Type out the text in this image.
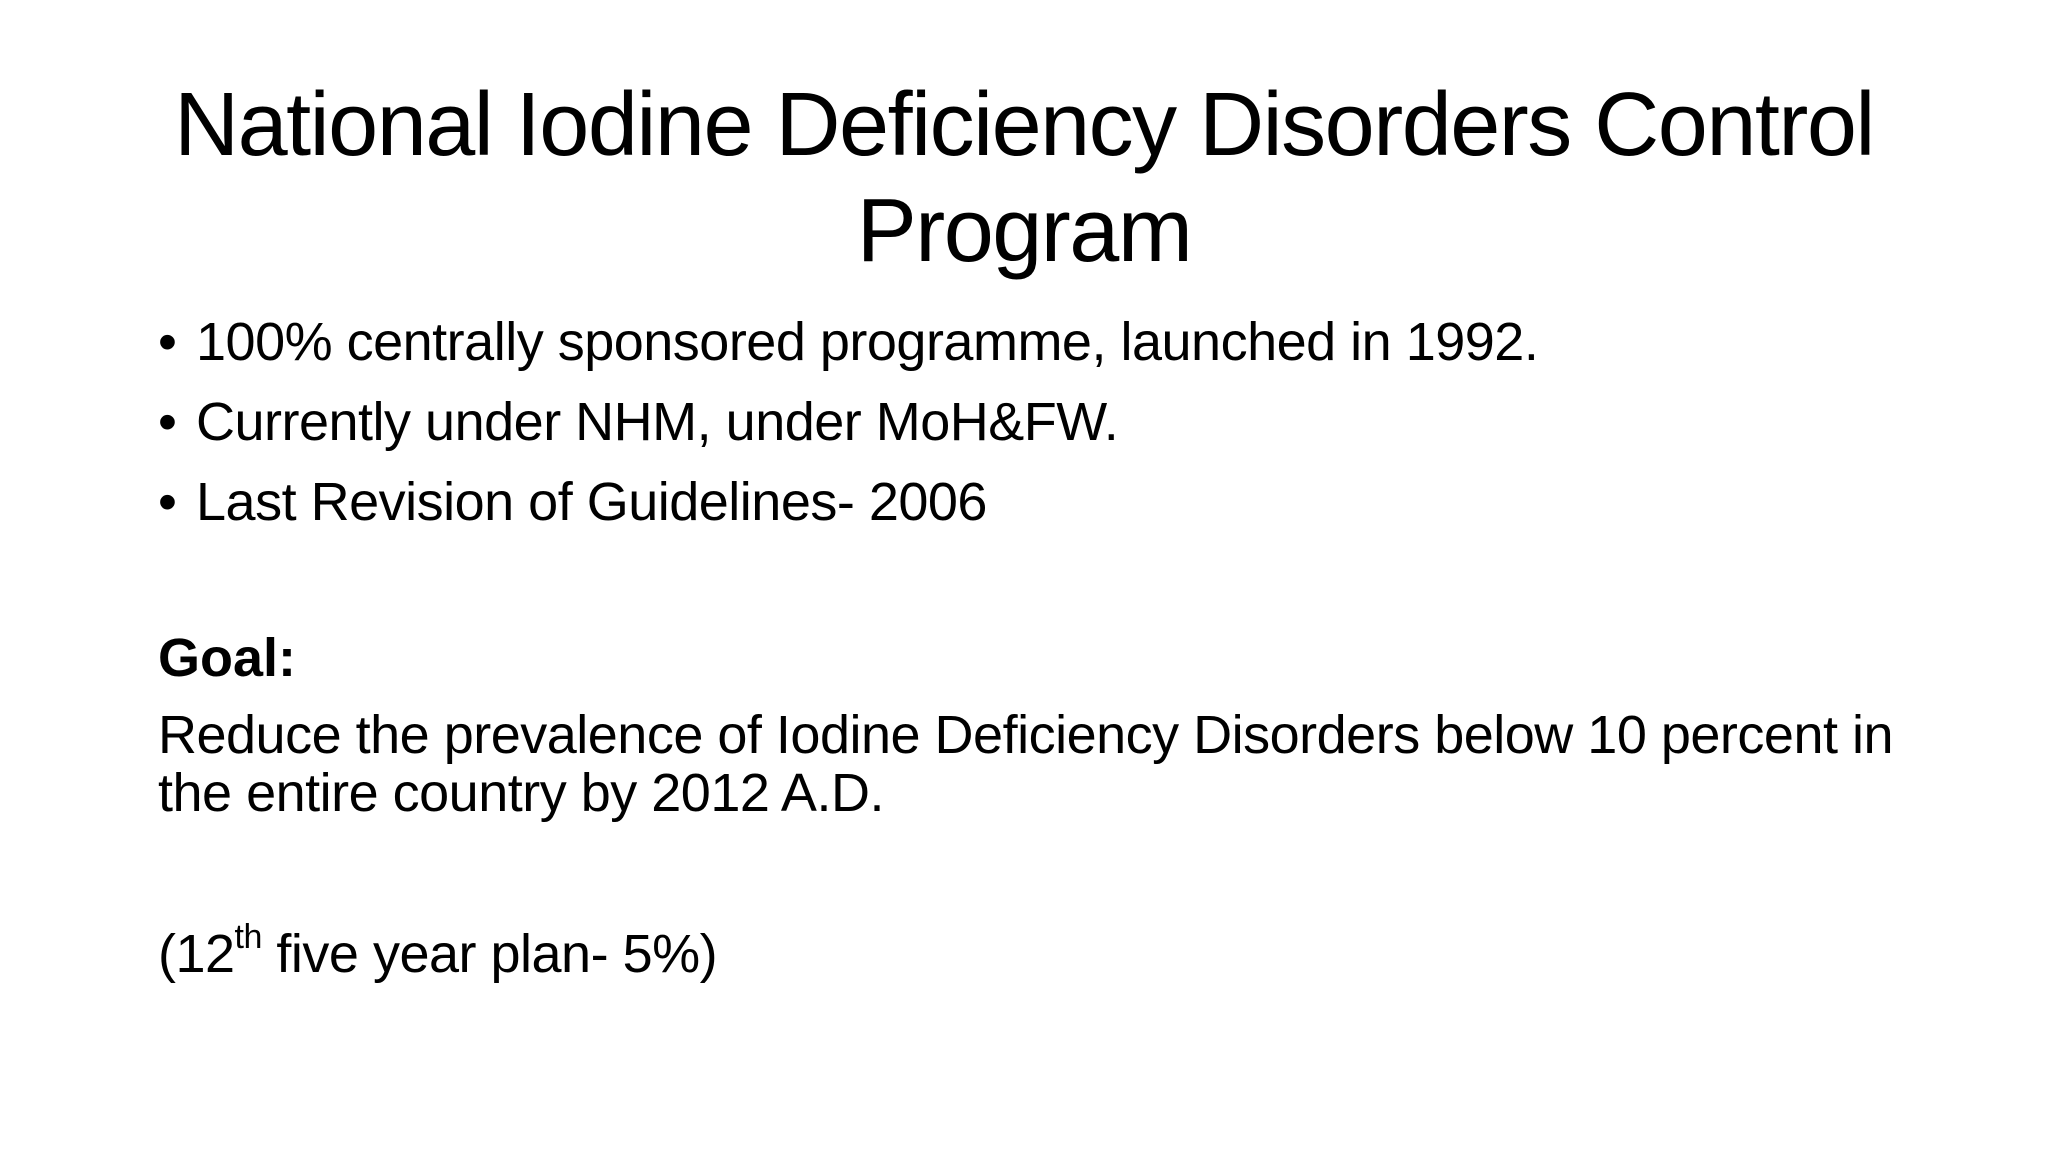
National Iodine Deficiency Disorders Control Program
• 100% centrally sponsored programme, launched in 1992.
• Currently under NHM, under MoH&FW.
• Last Revision of Guidelines- 2006

Goal:

Reduce the prevalence of Iodine Deficiency Disorders below 10 percent in the entire country by 2012 A.D.

(12th five year plan- 5%)
